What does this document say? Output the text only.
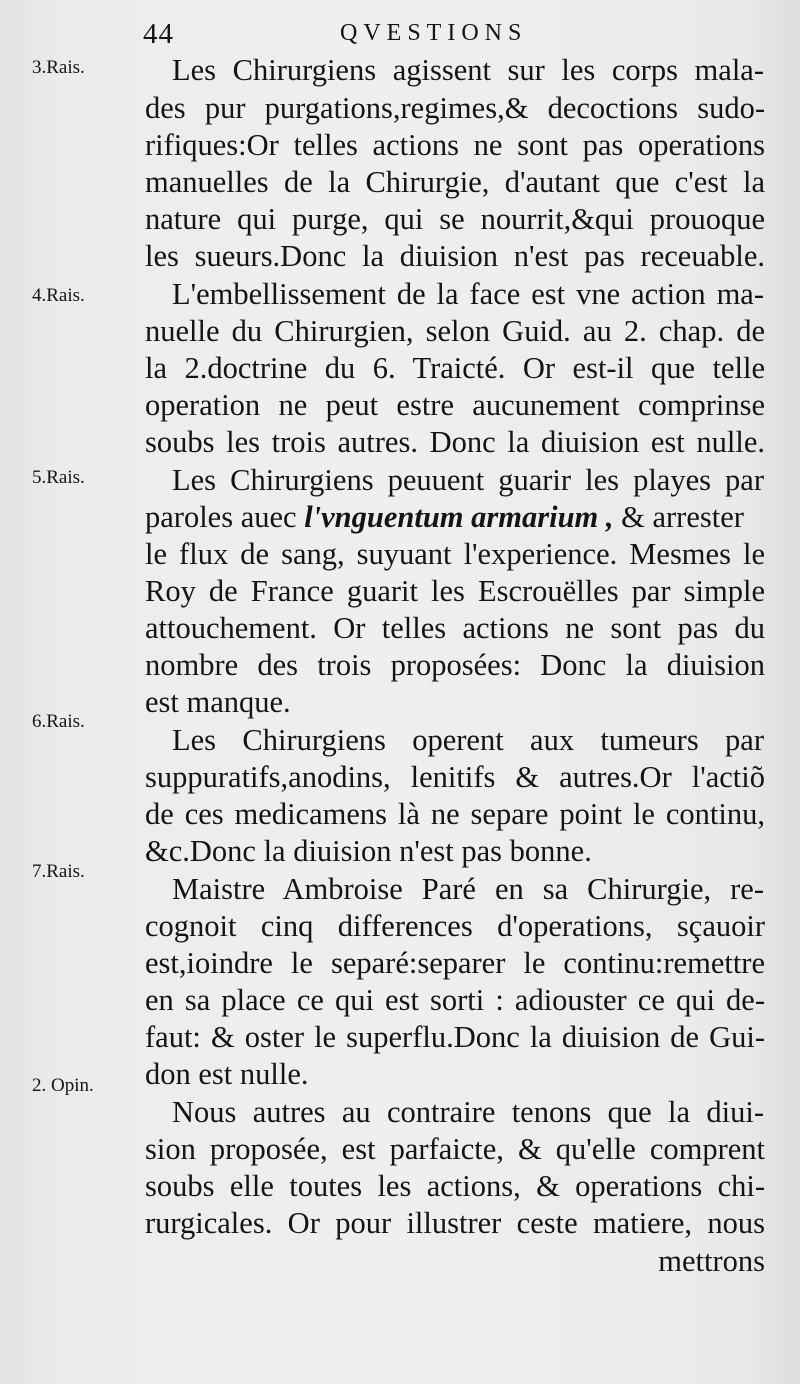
44	QVESTIONS
3.Rais.
4.Rais.
5.Rais.
6.Rais.
7.Rais.
2. Opin.
Les Chirurgiens agissent sur les corps mala-
des pur purgations,regimes,& decoctions sudo-
rifiques:Or telles actions ne sont pas operations
manuelles de la Chirurgie, d'autant que c'est la
nature qui purge, qui se nourrit,&qui prouoque
les sueurs.Donc la diuision n'est pas receuable.
L'embellissement de la face est vne action ma-
nuelle du Chirurgien, selon Guid. au 2. chap. de
la 2.doctrine du 6. Traicté. Or est-il que telle
operation ne peut estre aucunement comprinse
soubs les trois autres. Donc la diuision est nulle.
Les Chirurgiens peuuent guarir les playes par
paroles auec l'vnguentum armarium , & arrester
le flux de sang, suyuant l'experience. Mesmes le
Roy de France guarit les Escrouëlles par simple
attouchement. Or telles actions ne sont pas du
nombre des trois proposées: Donc la diuision
est manque.
Les Chirurgiens operent aux tumeurs par
suppuratifs,anodins, lenitifs & autres.Or l'actiõ
de ces medicamens là ne separe point le continu,
&c.Donc la diuision n'est pas bonne.
Maistre Ambroise Paré en sa Chirurgie, re-
cognoit cinq differences d'operations, sçauoir
est,ioindre le separé:separer le continu:remettre
en sa place ce qui est sorti : adiouster ce qui de-
faut: & oster le superflu.Donc la diuision de Gui-
don est nulle.
Nous autres au contraire tenons que la diui-
sion proposée, est parfaicte, & qu'elle comprent
soubs elle toutes les actions, & operations chi-
rurgicales. Or pour illustrer ceste matiere, nous
mettrons
